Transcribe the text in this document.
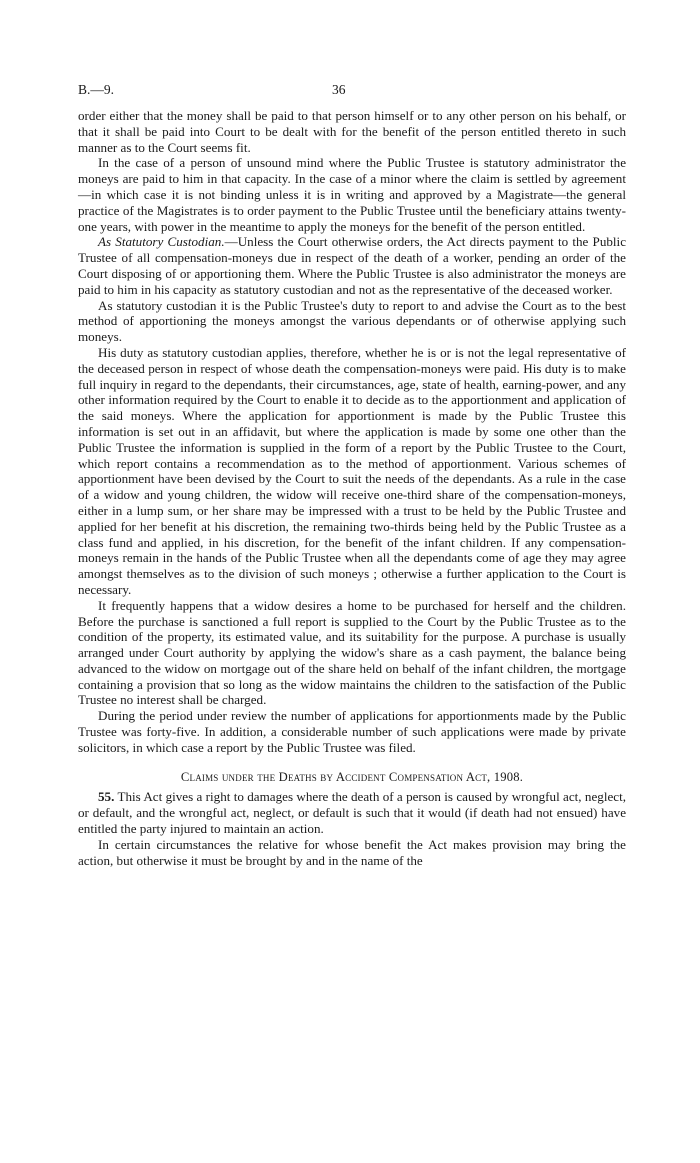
B.—9.	36

order either that the money shall be paid to that person himself or to any other person on his behalf, or that it shall be paid into Court to be dealt with for the benefit of the person entitled thereto in such manner as to the Court seems fit.

In the case of a person of unsound mind where the Public Trustee is statutory administrator the moneys are paid to him in that capacity. In the case of a minor where the claim is settled by agreement—in which case it is not binding unless it is in writing and approved by a Magistrate—the general practice of the Magistrates is to order payment to the Public Trustee until the beneficiary attains twenty-one years, with power in the meantime to apply the moneys for the benefit of the person entitled.

As Statutory Custodian.—Unless the Court otherwise orders, the Act directs payment to the Public Trustee of all compensation-moneys due in respect of the death of a worker, pending an order of the Court disposing of or apportioning them. Where the Public Trustee is also administrator the moneys are paid to him in his capacity as statutory custodian and not as the representative of the deceased worker.

As statutory custodian it is the Public Trustee's duty to report to and advise the Court as to the best method of apportioning the moneys amongst the various dependants or of otherwise applying such moneys.

His duty as statutory custodian applies, therefore, whether he is or is not the legal representative of the deceased person in respect of whose death the compensation-moneys were paid. His duty is to make full inquiry in regard to the dependants, their circumstances, age, state of health, earning-power, and any other information required by the Court to enable it to decide as to the apportionment and application of the said moneys. Where the application for apportionment is made by the Public Trustee this information is set out in an affidavit, but where the application is made by some one other than the Public Trustee the information is supplied in the form of a report by the Public Trustee to the Court, which report contains a recommendation as to the method of apportionment. Various schemes of apportionment have been devised by the Court to suit the needs of the dependants. As a rule in the case of a widow and young children, the widow will receive one-third share of the compensation-moneys, either in a lump sum, or her share may be impressed with a trust to be held by the Public Trustee and applied for her benefit at his discretion, the remaining two-thirds being held by the Public Trustee as a class fund and applied, in his discretion, for the benefit of the infant children. If any compensation-moneys remain in the hands of the Public Trustee when all the dependants come of age they may agree amongst themselves as to the division of such moneys ; otherwise a further application to the Court is necessary.

It frequently happens that a widow desires a home to be purchased for herself and the children. Before the purchase is sanctioned a full report is supplied to the Court by the Public Trustee as to the condition of the property, its estimated value, and its suitability for the purpose. A purchase is usually arranged under Court authority by applying the widow's share as a cash payment, the balance being advanced to the widow on mortgage out of the share held on behalf of the infant children, the mortgage containing a provision that so long as the widow maintains the children to the satisfaction of the Public Trustee no interest shall be charged.

During the period under review the number of applications for apportionments made by the Public Trustee was forty-five. In addition, a considerable number of such applications were made by private solicitors, in which case a report by the Public Trustee was filed.

Claims under the Deaths by Accident Compensation Act, 1908.

55. This Act gives a right to damages where the death of a person is caused by wrongful act, neglect, or default, and the wrongful act, neglect, or default is such that it would (if death had not ensued) have entitled the party injured to maintain an action.

In certain circumstances the relative for whose benefit the Act makes provision may bring the action, but otherwise it must be brought by and in the name of the
